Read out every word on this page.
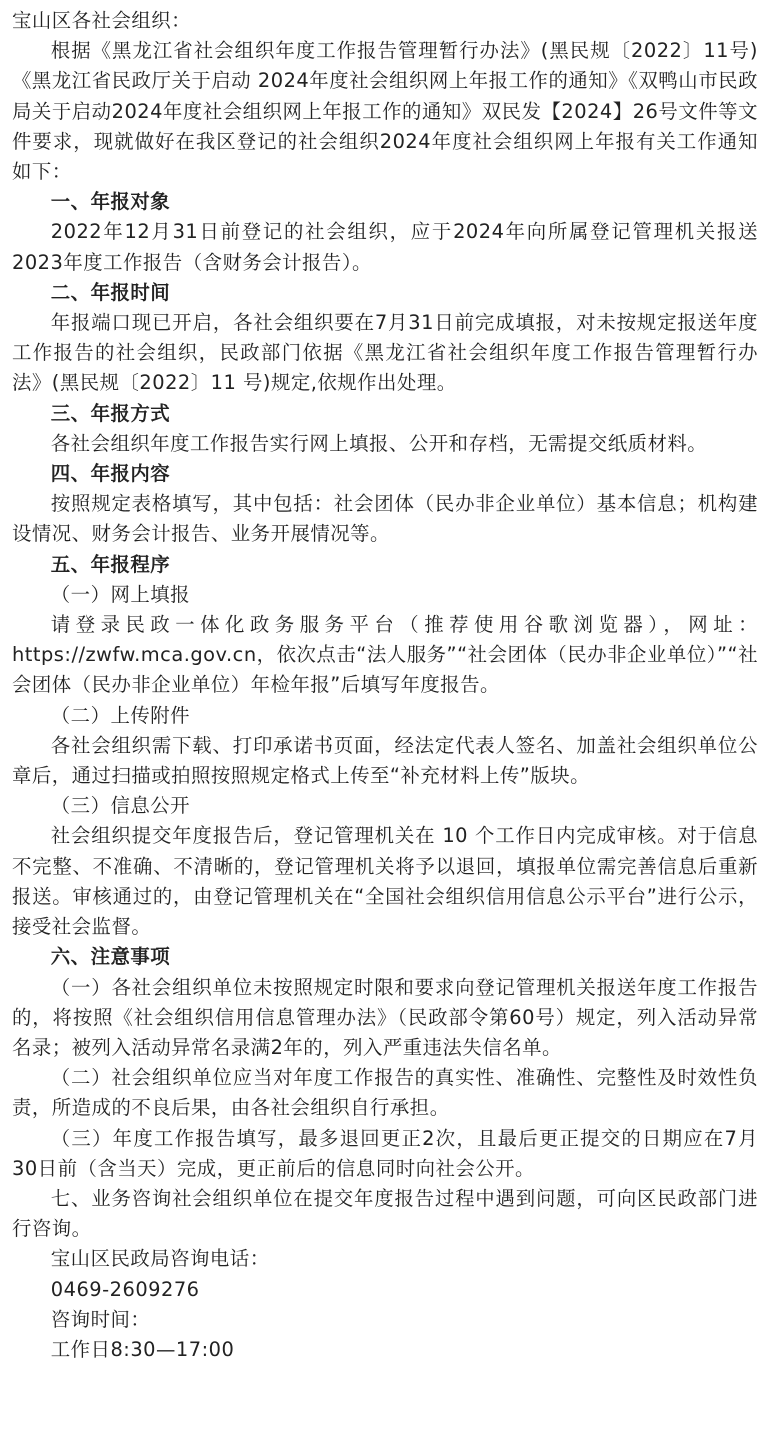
宝山区各社会组织：

根据《黑龙江省社会组织年度工作报告管理暂行办法》(黑民规〔2022〕11号)《黑龙江省民政厅关于启动 2024年度社会组织网上年报工作的通知》《双鸭山市民政局关于启动2024年度社会组织网上年报工作的通知》双民发【2024】26号文件等文件要求，现就做好在我区登记的社会组织2024年度社会组织网上年报有关工作通知如下：

一、年报对象

2022年12月31日前登记的社会组织，应于2024年向所属登记管理机关报送2023年度工作报告（含财务会计报告）。

二、年报时间

年报端口现已开启，各社会组织要在7月31日前完成填报，对未按规定报送年度工作报告的社会组织，民政部门依据《黑龙江省社会组织年度工作报告管理暂行办法》(黑民规〔2022〕11 号)规定,依规作出处理。

三、年报方式

各社会组织年度工作报告实行网上填报、公开和存档，无需提交纸质材料。

四、年报内容

按照规定表格填写，其中包括：社会团体（民办非企业单位）基本信息；机构建设情况、财务会计报告、业务开展情况等。

五、年报程序

（一）网上填报

请登录民政一体化政务服务平台（推荐使用谷歌浏览器），网址：https://zwfw.mca.gov.cn，依次点击“法人服务”“社会团体（民办非企业单位）”“社会团体（民办非企业单位）年检年报”后填写年度报告。

（二）上传附件

各社会组织需下载、打印承诺书页面，经法定代表人签名、加盖社会组织单位公章后，通过扫描或拍照按照规定格式上传至“补充材料上传”版块。

（三）信息公开

社会组织提交年度报告后，登记管理机关在 10 个工作日内完成审核。对于信息不完整、不准确、不清晰的，登记管理机关将予以退回，填报单位需完善信息后重新报送。审核通过的，由登记管理机关在“全国社会组织信用信息公示平台”进行公示，接受社会监督。

六、注意事项

（一）各社会组织单位未按照规定时限和要求向登记管理机关报送年度工作报告的，将按照《社会组织信用信息管理办法》（民政部令第60号）规定，列入活动异常名录；被列入活动异常名录满2年的，列入严重违法失信名单。

（二）社会组织单位应当对年度工作报告的真实性、准确性、完整性及时效性负责，所造成的不良后果，由各社会组织自行承担。

（三）年度工作报告填写，最多退回更正2次，且最后更正提交的日期应在7月30日前（含当天）完成，更正前后的信息同时向社会公开。

七、业务咨询社会组织单位在提交年度报告过程中遇到问题，可向区民政部门进行咨询。

宝山区民政局咨询电话：

0469-2609276

咨询时间：

工作日8:30—17:00
